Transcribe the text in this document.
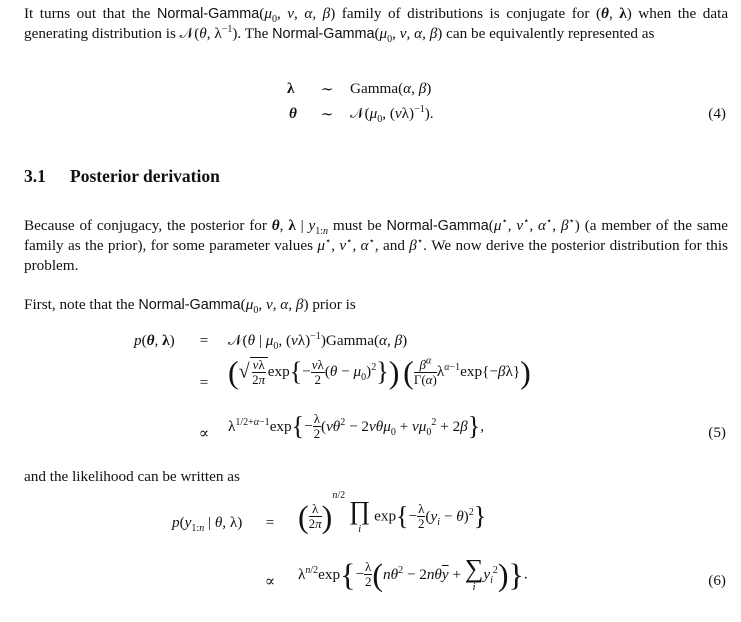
It turns out that the Normal-$Gamma(\mu_0$, ν, α, β) family of distributions is conjugate for (θ, λ) when the data generating distribution is 𝒩(θ, $\lambda^{-1}$). The Normal-$Gamma(\mu_0$, ν, α, β) can be equivalently represented as
λ	∼	Gamma(α, β)
θ	∼	$𝒩(\mu_0$, $(\nu\lambda)^{-1}$).	(4)
3.1 Posterior derivation
Because of conjugacy, the posterior for θ, λ | $y_{1:n}$ must be Normal-Gamma(μ⋆, ν⋆, α⋆, β⋆) (a member of the same family as the prior), for some parameter values μ⋆, ν⋆, α⋆, and β⋆. We now derive the posterior distribution for this problem.
First, note that the Normal-$Gamma(\mu_0$, ν, α, β) prior is
p(θ, λ)	=	𝒩(θ | $\mu_0$, $(\nu\lambda)^{-1})Gamma(\alpha$, β)
= (√ $\frac{\nu\lambda}{2\pi} \exp\{- \frac{\nu\lambda}{2} (\theta - \mu_0)^2\}$) ( $\frac{\beta^\alpha}{\Gamma(\alpha)} \lambda^{\alpha-1}\exp\{-\beta\lambda\}$)
∝	$\lambda^{1/2+\alpha-1}\exp\{- \frac{\lambda}{2} (\nu\theta^2 - 2\nu\theta\mu_0 + \nu\mu_0^2 + 2\beta\}$,	(5)
and the likelihood can be written as
$p(y_{1:n}$ | θ, λ)	= ( $\frac{\lambda}{2\pi} )^{n/2}$
∏
i
$\exp\{- \frac{\lambda}{2} (y_i - \theta)^2\}$
∝	$\lambda^{n/2}\exp\{- \frac{\lambda}{2} (n\theta^2 - 2n\theta\overline{y}$ + ∑
i
$y_i^2$)}.	(6)
